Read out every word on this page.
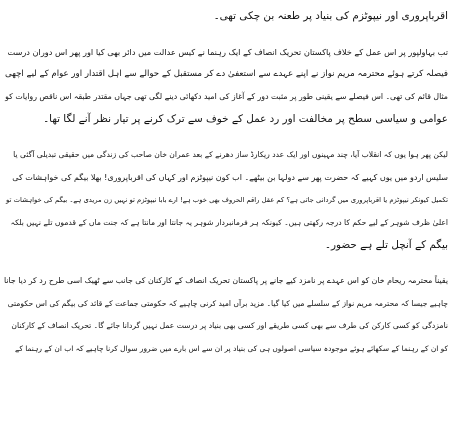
اقرباپروری اور نیپوٹزم کی بنیاد پر طعنہ بن چکی تھی۔
تب بہاولپور پر اس عمل کے خلاف پاکستان تحریک انصاف کے ایک رہنما نے کیس عدالت میں دائر بھی کیا اور پھر اس دوران درست
فیصلہ کرتے ہوئے محترمہ مریم نواز نے اپنے عہدے سے استعفیٰ دے کر مستقبل کے حوالے سے اہل اقتدار اور عوام کے لیے اچھی
مثال قائم کی تھی۔ اس فیصلے سے یقینی طور پر مثبت دور کے آغاز کی امید دکھائی دینے لگی تھی جہاں مقتدر طبقہ اس ناقص روایات کو
عوامی و سیاسی سطح پر مخالفت اور رد عمل کے خوف سے ترک کرنے پر تیار نظر آنے لگا تھا۔
لیکن پھر ہوا یوں کہ انقلاب آیا، چند مہینوں اور ایک عدد ریکارڈ ساز دھرنے کے بعد عمران خان صاحب کی زندگی میں حقیقی تبدیلی آگئی یا
سلیس اردو میں یوں کہیے کہ حضرت پھر سے دولہا بن بیٹھے۔ اب کون نیپوٹزم اور کہاں کی اقرباپروری! بھلا بیگم کی خواہشات کی
تکمیل کیونکر نیپوٹزم یا اقرباپروری میں گردانی جاتی ہے؟ کم عقل راقم الحروف بھی خوب ہے! ارے بابا نیپوٹزم تو نہیں زن مریدی ہے۔ بیگم کی خواہشات تو
اعلیٰ ظرف شوہر کے لیے حکم کا درجہ رکھتی ہیں۔ کیونکہ ہر فرمانبردار شوہر یہ جانتا اور مانتا ہے کہ جنت ماں کے قدموں تلے نہیں بلکہ
بیگم کے آنچل تلے ہے حضور۔
یقیناً محترمہ ریحام خان کو اس عہدے پر نامزد کیے جانے پر پاکستان تحریک انصاف کے کارکنان کی جانب سے ٹھیک اسی طرح رد کر دیا جانا
چاہیے جیسا کہ محترمہ مریم نواز کے سلسلے میں کیا گیا۔ مزید برآں امید کرنی چاہیے کہ حکومتی جماعت کے قائد کی بیگم کی اس حکومتی
نامزدگی کو کسی کارکن کی طرف سے بھی کسی طریقے اور کسی بھی بنیاد پر درست عمل نہیں گردانا جائے گا۔ تحریک انصاف کے کارکنان
کو ان کے رہنما کے سکھائے ہوئے موجودہ سیاسی اصولوں ہی کی بنیاد پر ان سے اس بارے میں ضرور سوال کرنا چاہیے کہ اب ان کے رہنما کے
